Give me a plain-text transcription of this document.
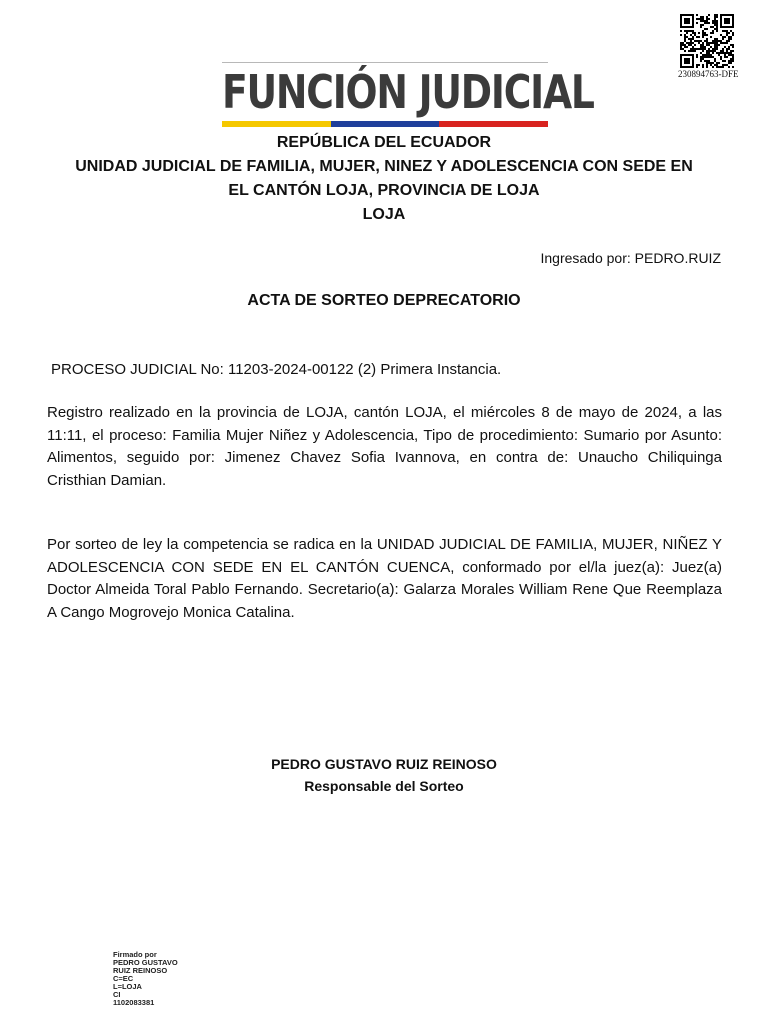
230894763-DFE
FUNCIÓN JUDICIAL
REPÚBLICA DEL ECUADOR
UNIDAD JUDICIAL DE FAMILIA, MUJER, NINEZ Y ADOLESCENCIA CON SEDE EN
EL CANTÓN LOJA, PROVINCIA DE LOJA
LOJA
Ingresado por: PEDRO.RUIZ
ACTA DE SORTEO DEPRECATORIO
PROCESO JUDICIAL No: 11203-2024-00122 (2) Primera Instancia.
Registro realizado en la provincia de LOJA, cantón LOJA, el miércoles 8 de mayo de 2024, a las 11:11, el proceso: Familia Mujer Niñez y Adolescencia, Tipo de procedimiento: Sumario por Asunto: Alimentos, seguido por: Jimenez Chavez Sofia Ivannova, en contra de: Unaucho Chiliquinga Cristhian Damian.
Por sorteo de ley la competencia se radica en la UNIDAD JUDICIAL DE FAMILIA, MUJER, NIÑEZ Y ADOLESCENCIA CON SEDE EN EL CANTÓN CUENCA, conformado por el/la juez(a): Juez(a) Doctor Almeida Toral Pablo Fernando. Secretario(a): Galarza Morales William Rene Que Reemplaza A Cango Mogrovejo Monica Catalina.
PEDRO GUSTAVO RUIZ REINOSO
Responsable del Sorteo
Firmado por
PEDRO GUSTAVO
RUIZ REINOSO
C=EC
L=LOJA
CI
1102083381
